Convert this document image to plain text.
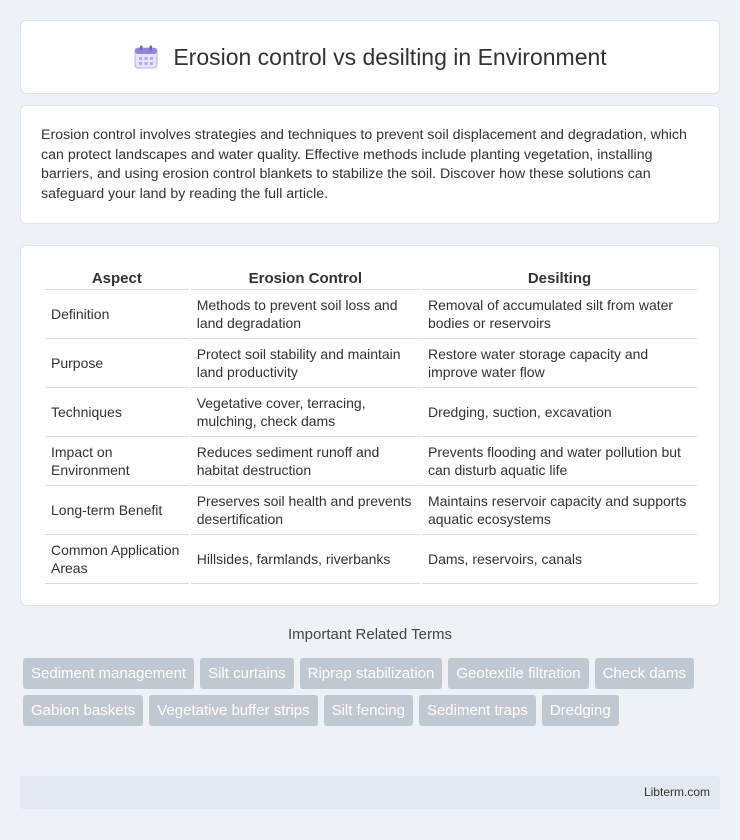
Erosion control vs desilting in Environment

Erosion control involves strategies and techniques to prevent soil displacement and degradation, which can protect landscapes and water quality. Effective methods include planting vegetation, installing barriers, and using erosion control blankets to stabilize the soil. Discover how these solutions can safeguard your land by reading the full article.

Aspect	Erosion Control	Desilting
Definition	Methods to prevent soil loss and land degradation	Removal of accumulated silt from water bodies or reservoirs
Purpose	Protect soil stability and maintain land productivity	Restore water storage capacity and improve water flow
Techniques	Vegetative cover, terracing, mulching, check dams	Dredging, suction, excavation
Impact on Environment	Reduces sediment runoff and habitat destruction	Prevents flooding and water pollution but can disturb aquatic life
Long-term Benefit	Preserves soil health and prevents desertification	Maintains reservoir capacity and supports aquatic ecosystems
Common Application Areas	Hillsides, farmlands, riverbanks	Dams, reservoirs, canals
Important Related Terms
Sediment management	Silt curtains	Riprap stabilization	Geotextile filtration	Check dams
Gabion baskets	Vegetative buffer strips	Silt fencing	Sediment traps	Dredging
Libterm.com
